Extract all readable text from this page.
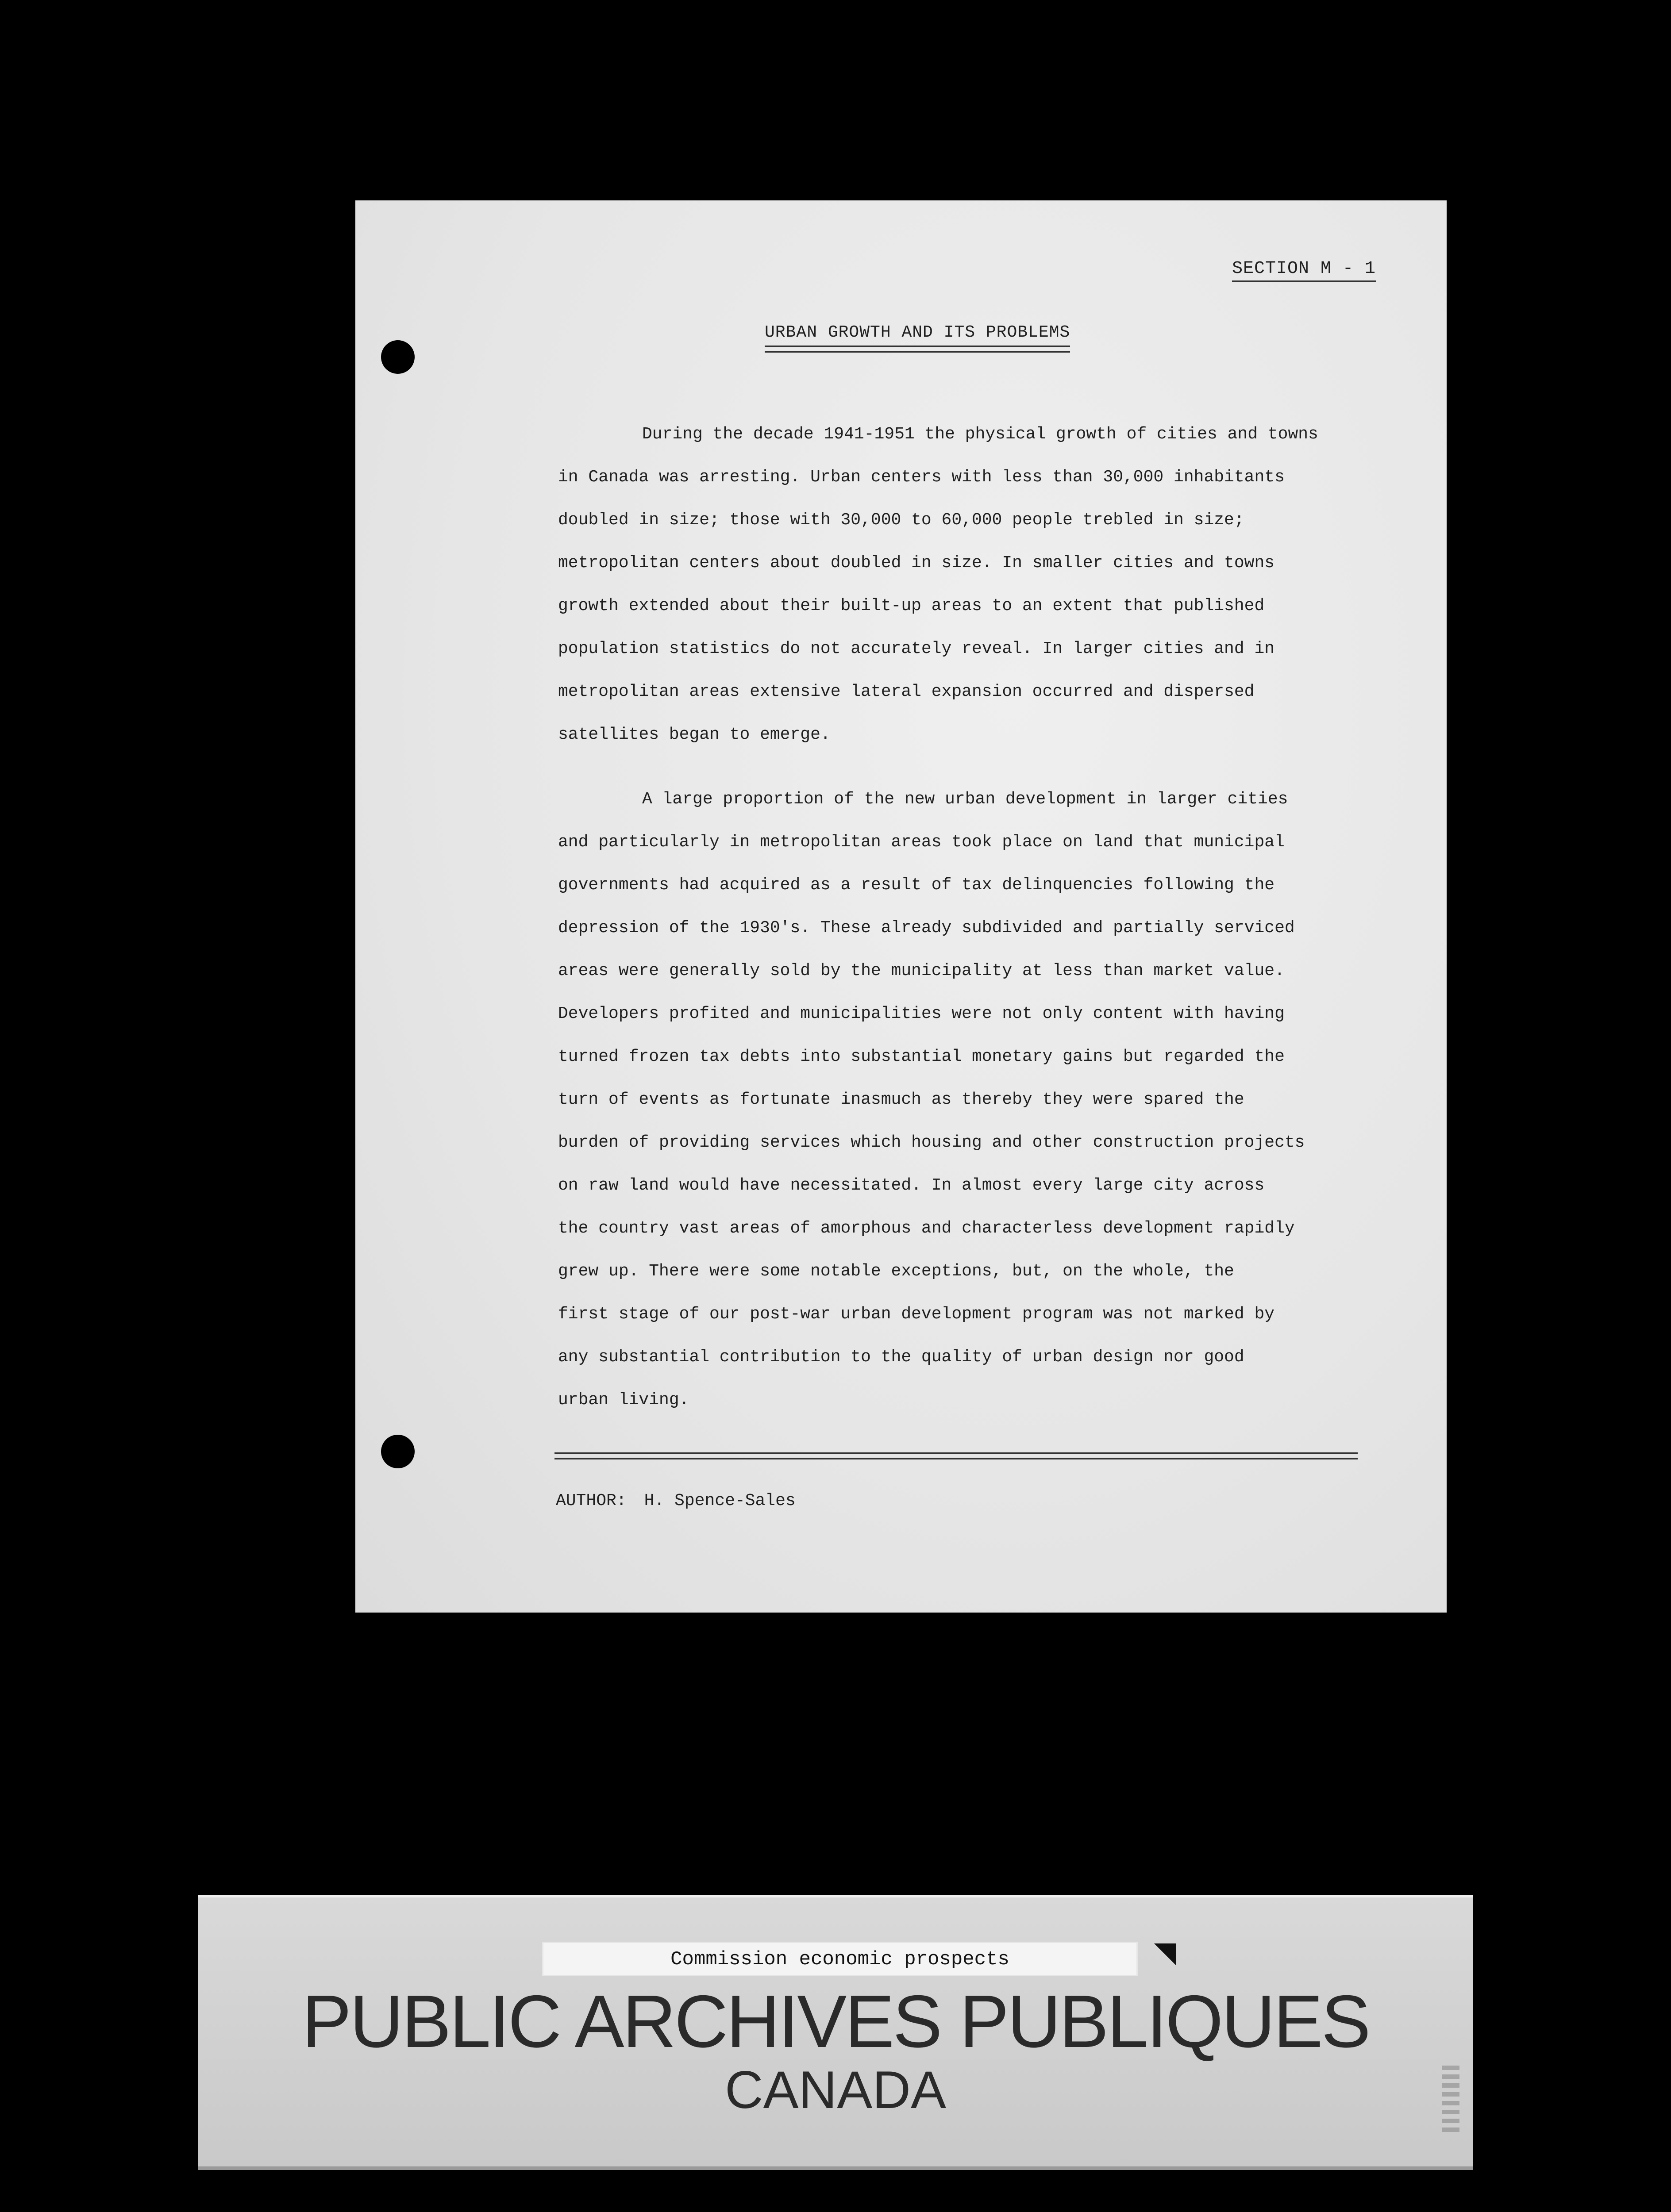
SECTION M - 1
URBAN GROWTH AND ITS PROBLEMS

During the decade 1941-1951 the physical growth of cities and towns
in Canada was arresting. Urban centers with less than 30,000 inhabitants
doubled in size; those with 30,000 to 60,000 people trebled in size;
metropolitan centers about doubled in size. In smaller cities and towns
growth extended about their built-up areas to an extent that published
population statistics do not accurately reveal. In larger cities and in
metropolitan areas extensive lateral expansion occurred and dispersed
satellites began to emerge.

A large proportion of the new urban development in larger cities
and particularly in metropolitan areas took place on land that municipal
governments had acquired as a result of tax delinquencies following the
depression of the 1930's. These already subdivided and partially serviced
areas were generally sold by the municipality at less than market value.
Developers profited and municipalities were not only content with having
turned frozen tax debts into substantial monetary gains but regarded the
turn of events as fortunate inasmuch as thereby they were spared the
burden of providing services which housing and other construction projects
on raw land would have necessitated. In almost every large city across
the country vast areas of amorphous and characterless development rapidly
grew up. There were some notable exceptions, but, on the whole, the
first stage of our post-war urban development program was not marked by
any substantial contribution to the quality of urban design nor good
urban living.

AUTHOR: H. Spence-Sales
Commission economic prospects
PUBLIC ARCHIVES PUBLIQUES
CANADA
